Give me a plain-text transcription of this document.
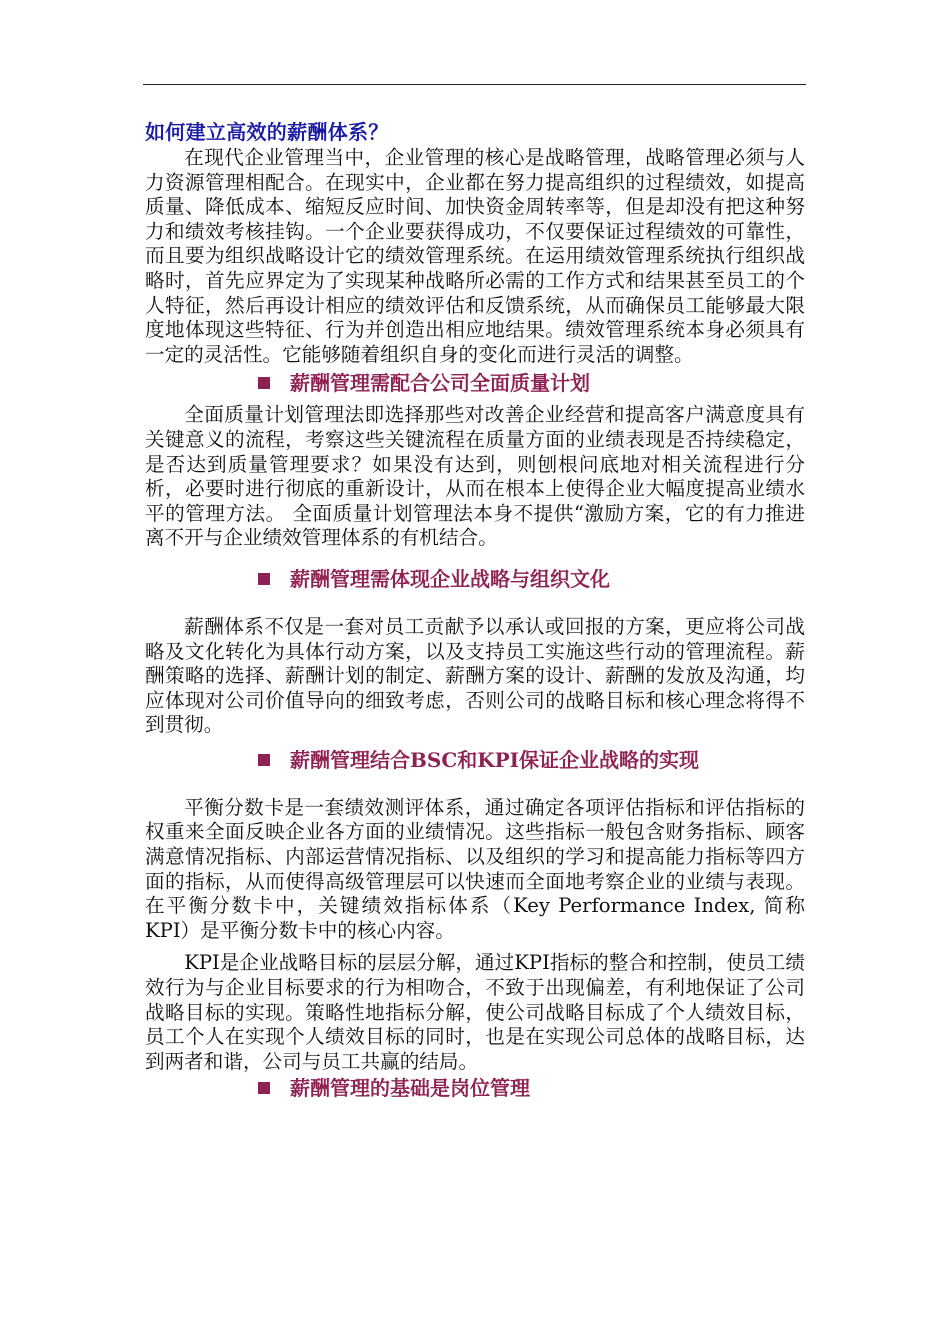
如何建立高效的薪酬体系？

在现代企业管理当中，企业管理的核心是战略管理，战略管理必须与人力资源管理相配合。在现实中，企业都在努力提高组织的过程绩效，如提高质量、降低成本、缩短反应时间、加快资金周转率等，但是却没有把这种努力和绩效考核挂钩。一个企业要获得成功，不仅要保证过程绩效的可靠性，而且要为组织战略设计它的绩效管理系统。在运用绩效管理系统执行组织战略时，首先应界定为了实现某种战略所必需的工作方式和结果甚至员工的个人特征，然后再设计相应的绩效评估和反馈系统，从而确保员工能够最大限度地体现这些特征、行为并创造出相应地结果。绩效管理系统本身必须具有一定的灵活性。它能够随着组织自身的变化而进行灵活的调整。

薪酬管理需配合公司全面质量计划

全面质量计划管理法即选择那些对改善企业经营和提高客户满意度具有关键意义的流程，考察这些关键流程在质量方面的业绩表现是否持续稳定，是否达到质量管理要求？如果没有达到，则刨根问底地对相关流程进行分析，必要时进行彻底的重新设计，从而在根本上使得企业大幅度提高业绩水平的管理方法。 全面质量计划管理法本身不提供“激励方案，它的有力推进离不开与企业绩效管理体系的有机结合。

薪酬管理需体现企业战略与组织文化

薪酬体系不仅是一套对员工贡献予以承认或回报的方案，更应将公司战略及文化转化为具体行动方案，以及支持员工实施这些行动的管理流程。薪酬策略的选择、薪酬计划的制定、薪酬方案的设计、薪酬的发放及沟通，均应体现对公司价值导向的细致考虑，否则公司的战略目标和核心理念将得不到贯彻。

薪酬管理结合BSC和KPI保证企业战略的实现

平衡分数卡是一套绩效测评体系，通过确定各项评估指标和评估指标的权重来全面反映企业各方面的业绩情况。这些指标一般包含财务指标、顾客满意情况指标、内部运营情况指标、以及组织的学习和提高能力指标等四方面的指标，从而使得高级管理层可以快速而全面地考察企业的业绩与表现。在平衡分数卡中，关键绩效指标体系（Key Performance Index, 简称KPI）是平衡分数卡中的核心内容。

KPI是企业战略目标的层层分解，通过KPI指标的整合和控制，使员工绩效行为与企业目标要求的行为相吻合，不致于出现偏差，有利地保证了公司战略目标的实现。策略性地指标分解，使公司战略目标成了个人绩效目标，员工个人在实现个人绩效目标的同时，也是在实现公司总体的战略目标，达到两者和谐，公司与员工共赢的结局。

薪酬管理的基础是岗位管理
